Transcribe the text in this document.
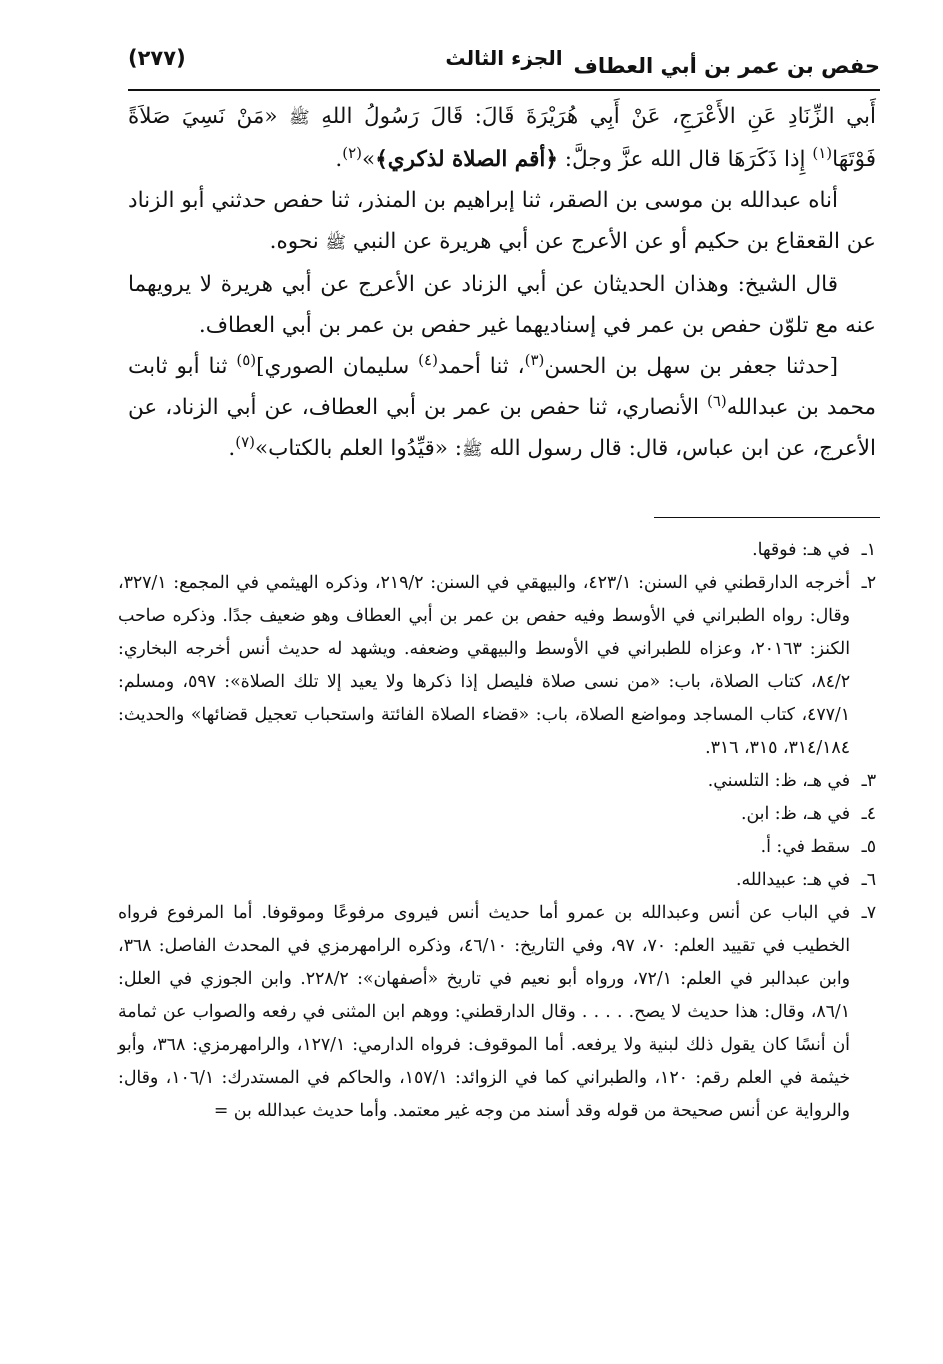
حفص بن عمر بن أبي العطاف
الجزء الثالث
(٢٧٧)

أَبي الزِّنَادِ عَنِ الأَعْرَجِ، عَنْ أَبِي هُرَيْرَةَ قَالَ: قَالَ رَسُولُ اللهِ ﷺ «مَنْ نَسِيَ صَلاَةً فَوْتَهَا$^{(١)}$ إِذا ذَكَرَهَا قال الله عزَّ وجلَّ: ﴿أقم الصلاة لذكري﴾»$^{(٢)}$.

أناه عبدالله بن موسى بن الصقر، ثنا إبراهيم بن المنذر، ثنا حفص حدثني أبو الزناد عن القعقاع بن حكيم أو عن الأعرج عن أبي هريرة عن النبي ﷺ نحوه.

قال الشيخ: وهذان الحديثان عن أبي الزناد عن الأعرج عن أبي هريرة لا يرويهما عنه مع تلوّن حفص بن عمر في إسناديهما غير حفص بن عمر بن أبي العطاف.

[حدثنا جعفر بن سهل بن الحسن$^{(٣)}$، ثنا أحمد$^{(٤)}$ سليمان الصوري]$^{(٥)}$ ثنا أبو ثابت محمد بن عبدالله$^{(٦)}$ الأنصاري، ثنا حفص بن عمر بن أبي العطاف، عن أبي الزناد، عن الأعرج، عن ابن عباس، قال: قال رسول الله ﷺ: «قيِّدُوا العلم بالكتاب»$^{(٧)}$.

١ـ
في هـ: فوقها.
٢ـ
أخرجه الدارقطني في السنن: ٤٢٣/١، والبيهقي في السنن: ٢١٩/٢، وذكره الهيثمي في المجمع: ٣٢٧/١، وقال: رواه الطبراني في الأوسط وفيه حفص بن عمر بن أبي العطاف وهو ضعيف جدًا. وذكره صاحب الكنز: ٢٠١٦٣، وعزاه للطبراني في الأوسط والبيهقي وضعفه. ويشهد له حديث أنس أخرجه البخاري: ٨٤/٢، كتاب الصلاة، باب: «من نسى صلاة فليصل إذا ذكرها ولا يعيد إلا تلك الصلاة»: ٥٩٧، ومسلم: ٤٧٧/١، كتاب المساجد ومواضع الصلاة، باب: «قضاء الصلاة الفائتة واستحباب تعجيل قضائها» والحديث: ٣١٤/١٨٤، ٣١٥، ٣١٦.
٣ـ
في هـ، ظ: التلسني.
٤ـ
في هـ، ظ: ابن.
٥ـ
سقط في: أ.
٦ـ
في هـ: عبيدالله.
٧ـ
في الباب عن أنس وعبدالله بن عمرو أما حديث أنس فيروى مرفوعًا وموقوفا. أما المرفوع فرواه الخطيب في تقييد العلم: ٧٠، ٩٧، وفي التاريخ: ٤٦/١٠، وذكره الرامهرمزي في المحدث الفاصل: ٣٦٨، وابن عبدالبر في العلم: ٧٢/١، ورواه أبو نعيم في تاريخ «أصفهان»: ٢٢٨/٢. وابن الجوزي في العلل: ٨٦/١، وقال: هذا حديث لا يصح. . . . . وقال الدارقطني: ووهم ابن المثنى في رفعه والصواب عن ثمامة أن أنسًا كان يقول ذلك لبنية ولا يرفعه. أما الموقوف: فرواه الدارمي: ١٢٧/١، والرامهرمزي: ٣٦٨، وأبو خيثمة في العلم رقم: ١٢٠، والطبراني كما في الزوائد: ١٥٧/١، والحاكم في المستدرك: ١٠٦/١، وقال: والرواية عن أنس صحيحة من قوله وقد أسند من وجه غير معتمد. وأما حديث عبدالله بن =
